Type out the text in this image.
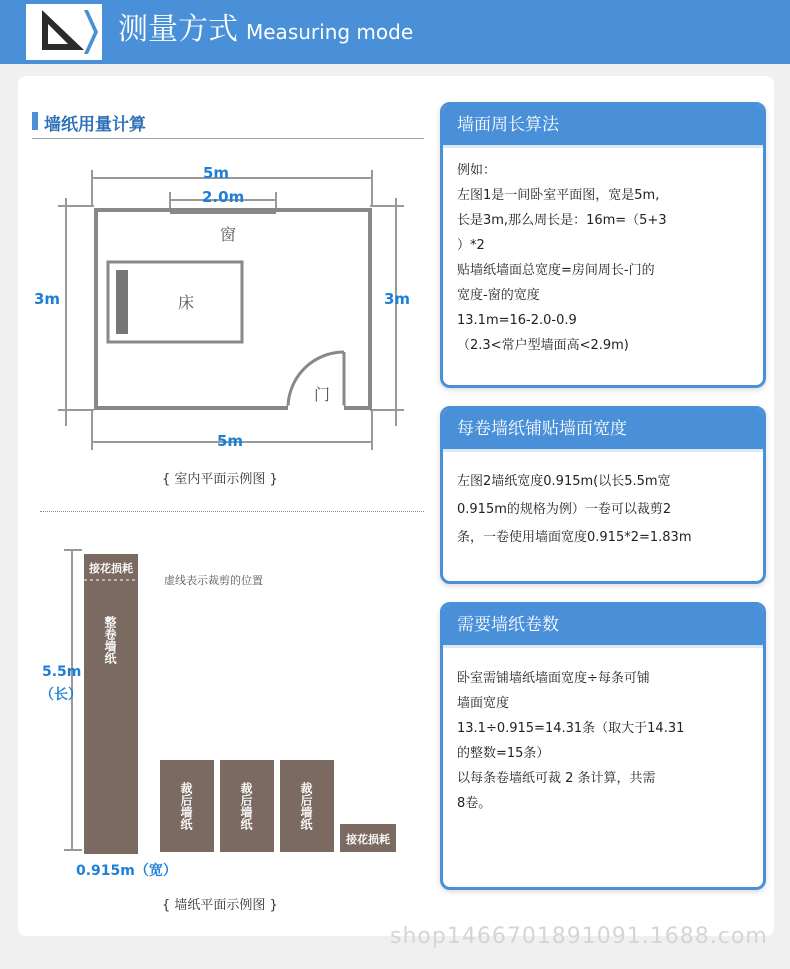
测量方式 Measuring mode
墙纸用量计算
5m
2.0m
窗
3m	3m
床
门
5m
{ 室内平面示例图 }
接花损耗
整卷墙纸
虚线表示裁剪的位置
5.5m
（长）
裁后墙纸	裁后墙纸	裁后墙纸
接花损耗
0.915m（宽）
{ 墙纸平面示例图 }
墙面周长算法

例如：

左图1是一间卧室平面图，宽是5m,

长是3m,那么周长是：16m=（5+3

）*2

贴墙纸墙面总宽度=房间周长-门的

宽度-窗的宽度

13.1m=16-2.0-0.9

（2.3<常户型墙面高<2.9m)

每卷墙纸铺贴墙面宽度

左图2墙纸宽度0.915m(以长5.5m宽

0.915m的规格为例）一卷可以裁剪2

条，一卷使用墙面宽度0.915*2=1.83m

需要墙纸卷数

卧室需铺墙纸墙面宽度÷每条可铺

墙面宽度

13.1÷0.915=14.31条（取大于14.31

的整数=15条）

以每条卷墙纸可裁 2 条计算，共需

8卷。

shop1466701891091.1688.com
